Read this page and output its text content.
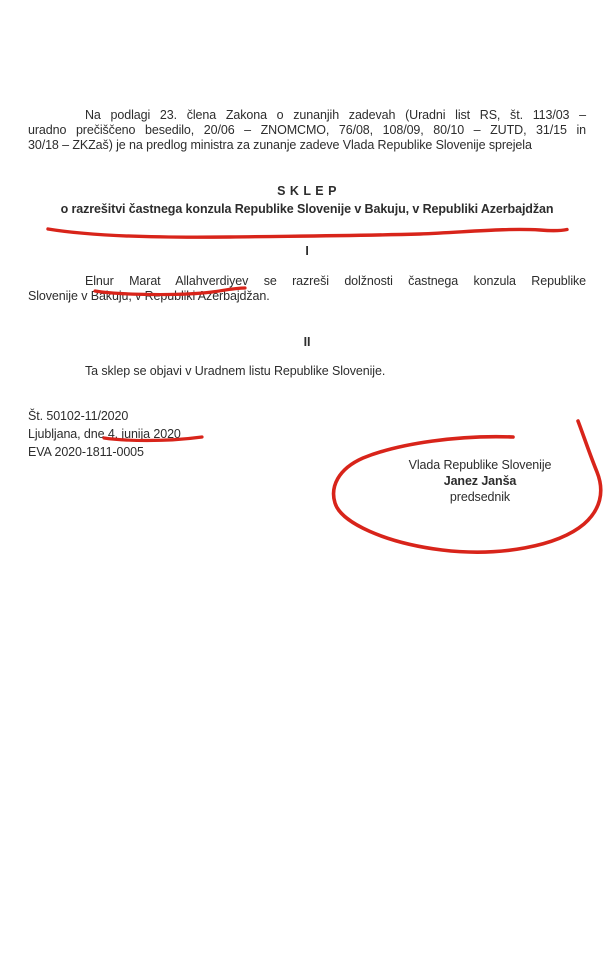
Na podlagi 23. člena Zakona o zunanjih zadevah (Uradni list RS, št. 113/03 –
uradno prečiščeno besedilo, 20/06 – ZNOMCMO, 76/08, 108/09, 80/10 – ZUTD, 31/15 in
30/18 – ZKZaš) je na predlog ministra za zunanje zadeve Vlada Republike Slovenije sprejela
S K L E P
o razrešitvi častnega konzula Republike Slovenije v Bakuju, v Republiki Azerbajdžan
I
Elnur Marat Allahverdiyev se razreši dolžnosti častnega konzula Republike
Slovenije v Bakuju, v Republiki Azerbajdžan.
II
Ta sklep se objavi v Uradnem listu Republike Slovenije.
Št. 50102-11/2020
Ljubljana, dne 4. junija 2020
EVA 2020-1811-0005
Vlada Republike Slovenije
Janez Janša
predsednik
